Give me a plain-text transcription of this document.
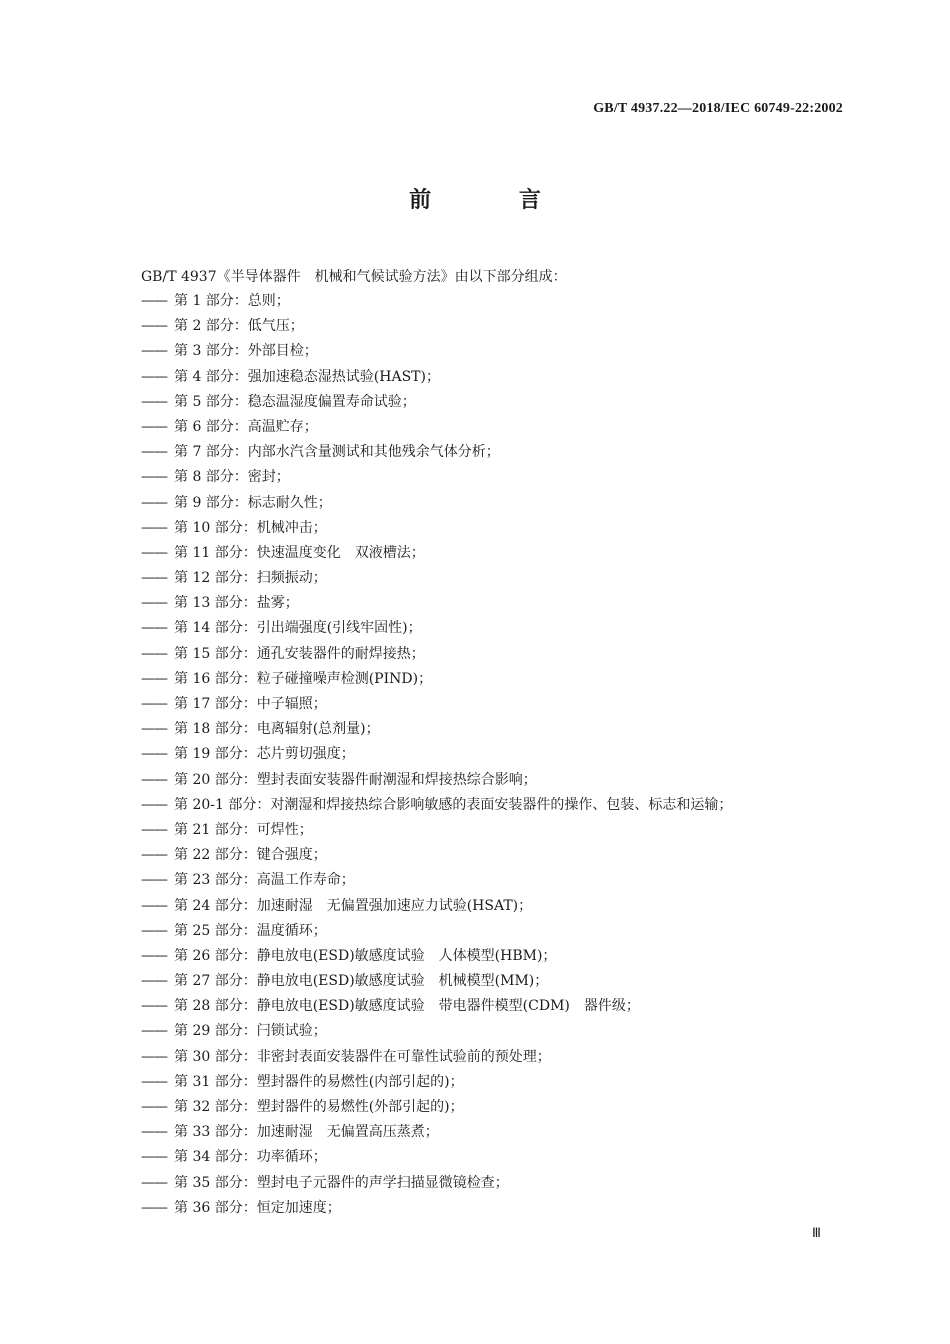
GB/T 4937.22—2018/IEC 60749-22:2002
前 言
GB/T 4937《半导体器件　机械和气候试验方法》由以下部分组成：
—— 第 1 部分：总则；
—— 第 2 部分：低气压；
—— 第 3 部分：外部目检；
—— 第 4 部分：强加速稳态湿热试验(HAST)；
—— 第 5 部分：稳态温湿度偏置寿命试验；
—— 第 6 部分：高温贮存；
—— 第 7 部分：内部水汽含量测试和其他残余气体分析；
—— 第 8 部分：密封；
—— 第 9 部分：标志耐久性；
—— 第 10 部分：机械冲击；
—— 第 11 部分：快速温度变化　双液槽法；
—— 第 12 部分：扫频振动；
—— 第 13 部分：盐雾；
—— 第 14 部分：引出端强度(引线牢固性)；
—— 第 15 部分：通孔安装器件的耐焊接热；
—— 第 16 部分：粒子碰撞噪声检测(PIND)；
—— 第 17 部分：中子辐照；
—— 第 18 部分：电离辐射(总剂量)；
—— 第 19 部分：芯片剪切强度；
—— 第 20 部分：塑封表面安装器件耐潮湿和焊接热综合影响；
—— 第 20-1 部分：对潮湿和焊接热综合影响敏感的表面安装器件的操作、包装、标志和运输；
—— 第 21 部分：可焊性；
—— 第 22 部分：键合强度；
—— 第 23 部分：高温工作寿命；
—— 第 24 部分：加速耐湿　无偏置强加速应力试验(HSAT)；
—— 第 25 部分：温度循环；
—— 第 26 部分：静电放电(ESD)敏感度试验　人体模型(HBM)；
—— 第 27 部分：静电放电(ESD)敏感度试验　机械模型(MM)；
—— 第 28 部分：静电放电(ESD)敏感度试验　带电器件模型(CDM)　器件级；
—— 第 29 部分：闩锁试验；
—— 第 30 部分：非密封表面安装器件在可靠性试验前的预处理；
—— 第 31 部分：塑封器件的易燃性(内部引起的)；
—— 第 32 部分：塑封器件的易燃性(外部引起的)；
—— 第 33 部分：加速耐湿　无偏置高压蒸煮；
—— 第 34 部分：功率循环；
—— 第 35 部分：塑封电子元器件的声学扫描显微镜检查；
—— 第 36 部分：恒定加速度；
Ⅲ
